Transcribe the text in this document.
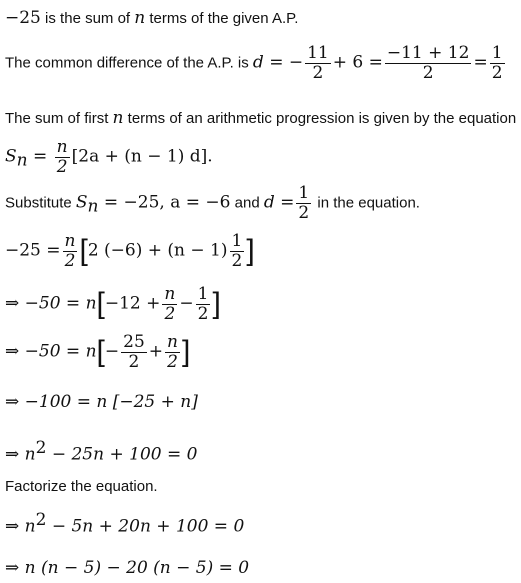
−25 is the sum of n terms of the given A.P.
The common difference of the A.P. is d = − $\frac{11}{2} + 6 = \frac{-11 + 12}{2} = \frac{1}{2}$
The sum of first n terms of an arithmetic progression is given by the equation
$S_n = \frac{n}{2} [2a + (n - 1)$ d].
Substitute $S_n = -25$, a = −6 and $d = \frac{1}{2}$ in the equation.
$-25 = \frac{n}{2} [2$ $(-6) + (n - 1) \frac{1}{2}$ ]
⇒ $-50 = n[-12 + \frac{n}{2} - \frac{1}{2}$ ]
⇒ $-50 = n[- \frac{25}{2} + \frac{n}{2}$ ]
⇒ −100 = n [−25 + n]
⇒ $n^2 - 25n + 100 = 0$
Factorize the equation.
⇒ $n^2 - 5n + 20n + 100 = 0$
⇒ n (n − 5) − 20 (n − 5) = 0
